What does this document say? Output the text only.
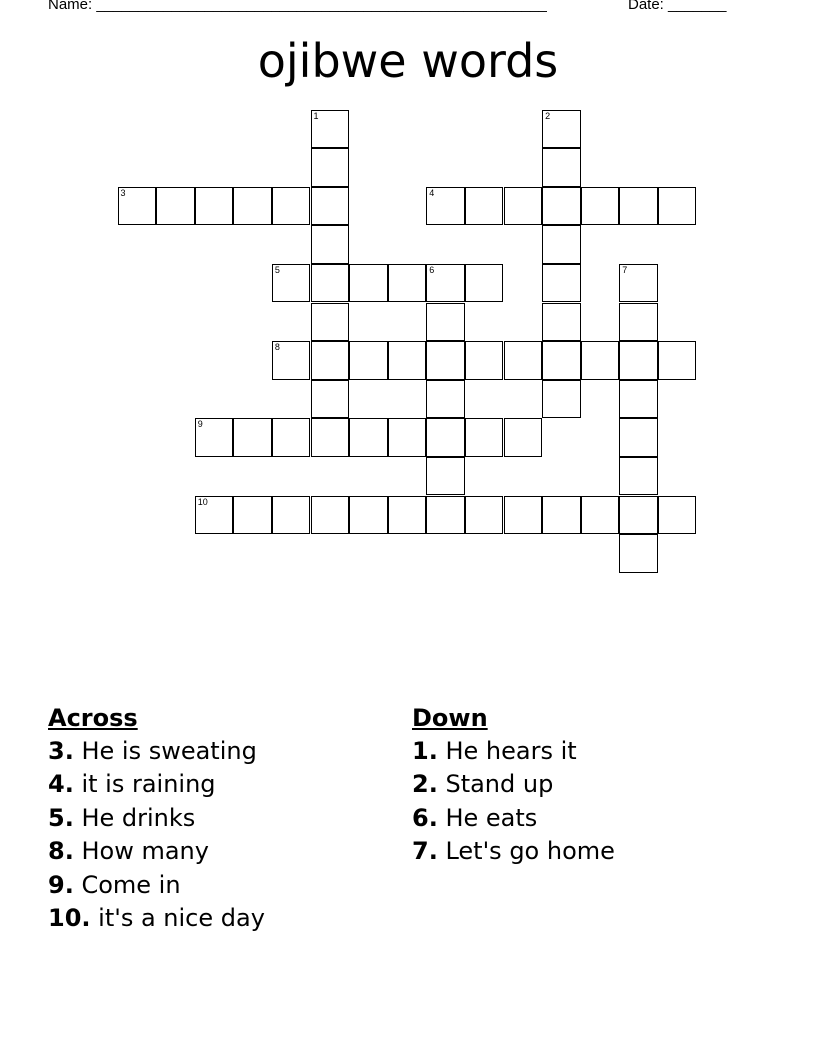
Name: ______________________________________________________	Date: _______
ojibwe words
3	4
5	6
8
9
10
1	2
7
Across
3. He is sweating
4. it is raining
5. He drinks
8. How many
9. Come in
10. it's a nice day
Down
1. He hears it
2. Stand up
6. He eats
7. Let's go home
